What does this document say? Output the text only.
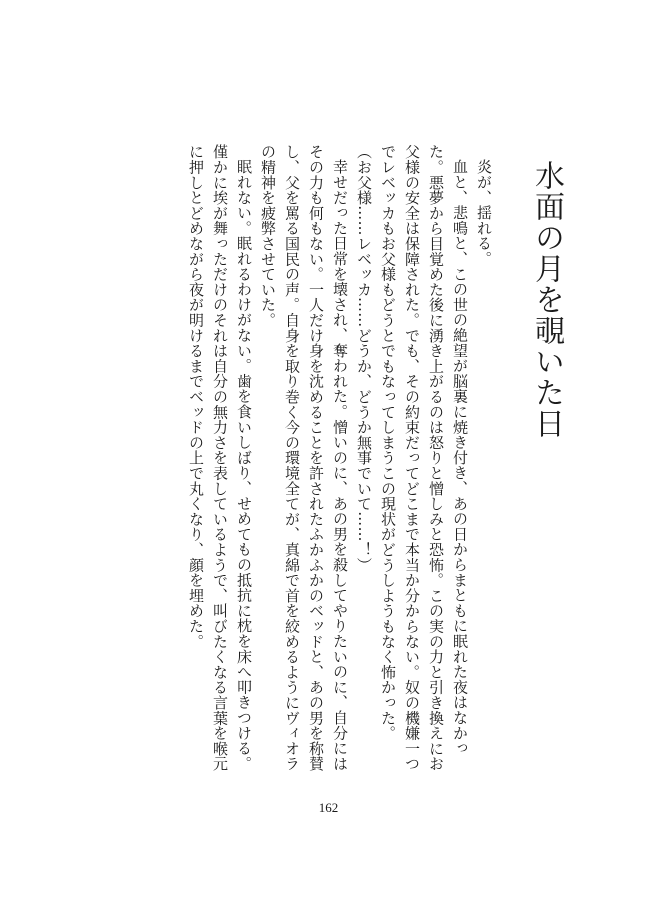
水面の月を覗いた日

炎が、揺れる。

血と、悲鳴と、この世の絶望が脳裏に焼き付き、あの日からまともに眠れた夜はなかった。悪夢から目覚めた後に湧き上がるのは怒りと憎しみと恐怖。この実の力と引き換えにお父様の安全は保障された。でも、その約束だってどこまで本当か分からない。奴の機嫌一つでレベッカもお父様もどうとでもなってしまうこの現状がどうしようもなく怖かった。

（お父様……レベッカ……どうか、どうか無事でいて……！）

幸せだった日常を壊され、奪われた。憎いのに、あの男を殺してやりたいのに、自分にはその力も何もない。一人だけ身を沈めることを許されたふかふかのベッドと、あの男を称賛し、父を罵る国民の声。自身を取り巻く今の環境全てが、真綿で首を絞めるようにヴィオラの精神を疲弊させていた。

眠れない。眠れるわけがない。歯を食いしばり、せめてもの抵抗に枕を床へ叩きつける。僅かに埃が舞っただけのそれは自分の無力さを表しているようで、叫びたくなる言葉を喉元に押しとどめながら夜が明けるまでベッドの上で丸くなり、顔を埋めた。

162
